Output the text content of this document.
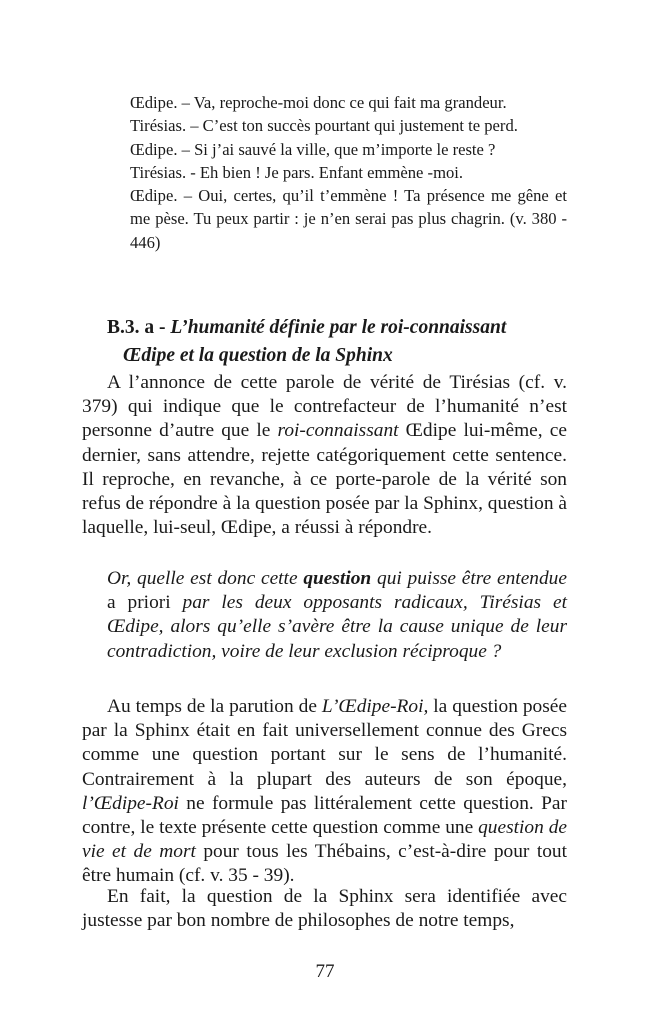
Œdipe. – Va, reproche-moi donc ce qui fait ma grandeur.

Tirésias. – C’est ton succès pourtant qui justement te perd.

Œdipe. – Si j’ai sauvé la ville, que m’importe le reste ?

Tirésias. - Eh bien ! Je pars. Enfant emmène -moi.

Œdipe. – Oui, certes, qu’il t’emmène ! Ta présence me gêne et me pèse. Tu peux partir : je n’en serai pas plus chagrin. (v. 380 - 446)

B.3. a - L’humanité définie par le roi-connaissant
Œdipe et la question de la Sphinx

A l’annonce de cette parole de vérité de Tirésias (cf. v. 379) qui indique que le contrefacteur de l’humanité n’est personne d’autre que le roi-connaissant Œdipe lui-même, ce dernier, sans attendre, rejette catégoriquement cette sentence. Il reproche, en revanche, à ce porte-parole de la vérité son refus de répondre à la question posée par la Sphinx, question à laquelle, lui-seul, Œdipe, a réussi à répondre.

Or, quelle est donc cette question qui puisse être entendue a priori par les deux opposants radicaux, Tirésias et Œdipe, alors qu’elle s’avère être la cause unique de leur contradiction, voire de leur exclusion réciproque ?

Au temps de la parution de L’Œdipe-Roi, la question posée par la Sphinx était en fait universellement connue des Grecs comme une question portant sur le sens de l’humanité. Contrairement à la plupart des auteurs de son époque, l’Œdipe-Roi ne formule pas littéralement cette question. Par contre, le texte présente cette question comme une question de vie et de mort pour tous les Thébains, c’est-à-dire pour tout être humain (cf. v. 35 - 39).

En fait, la question de la Sphinx sera identifiée avec justesse par bon nombre de philosophes de notre temps,

77
